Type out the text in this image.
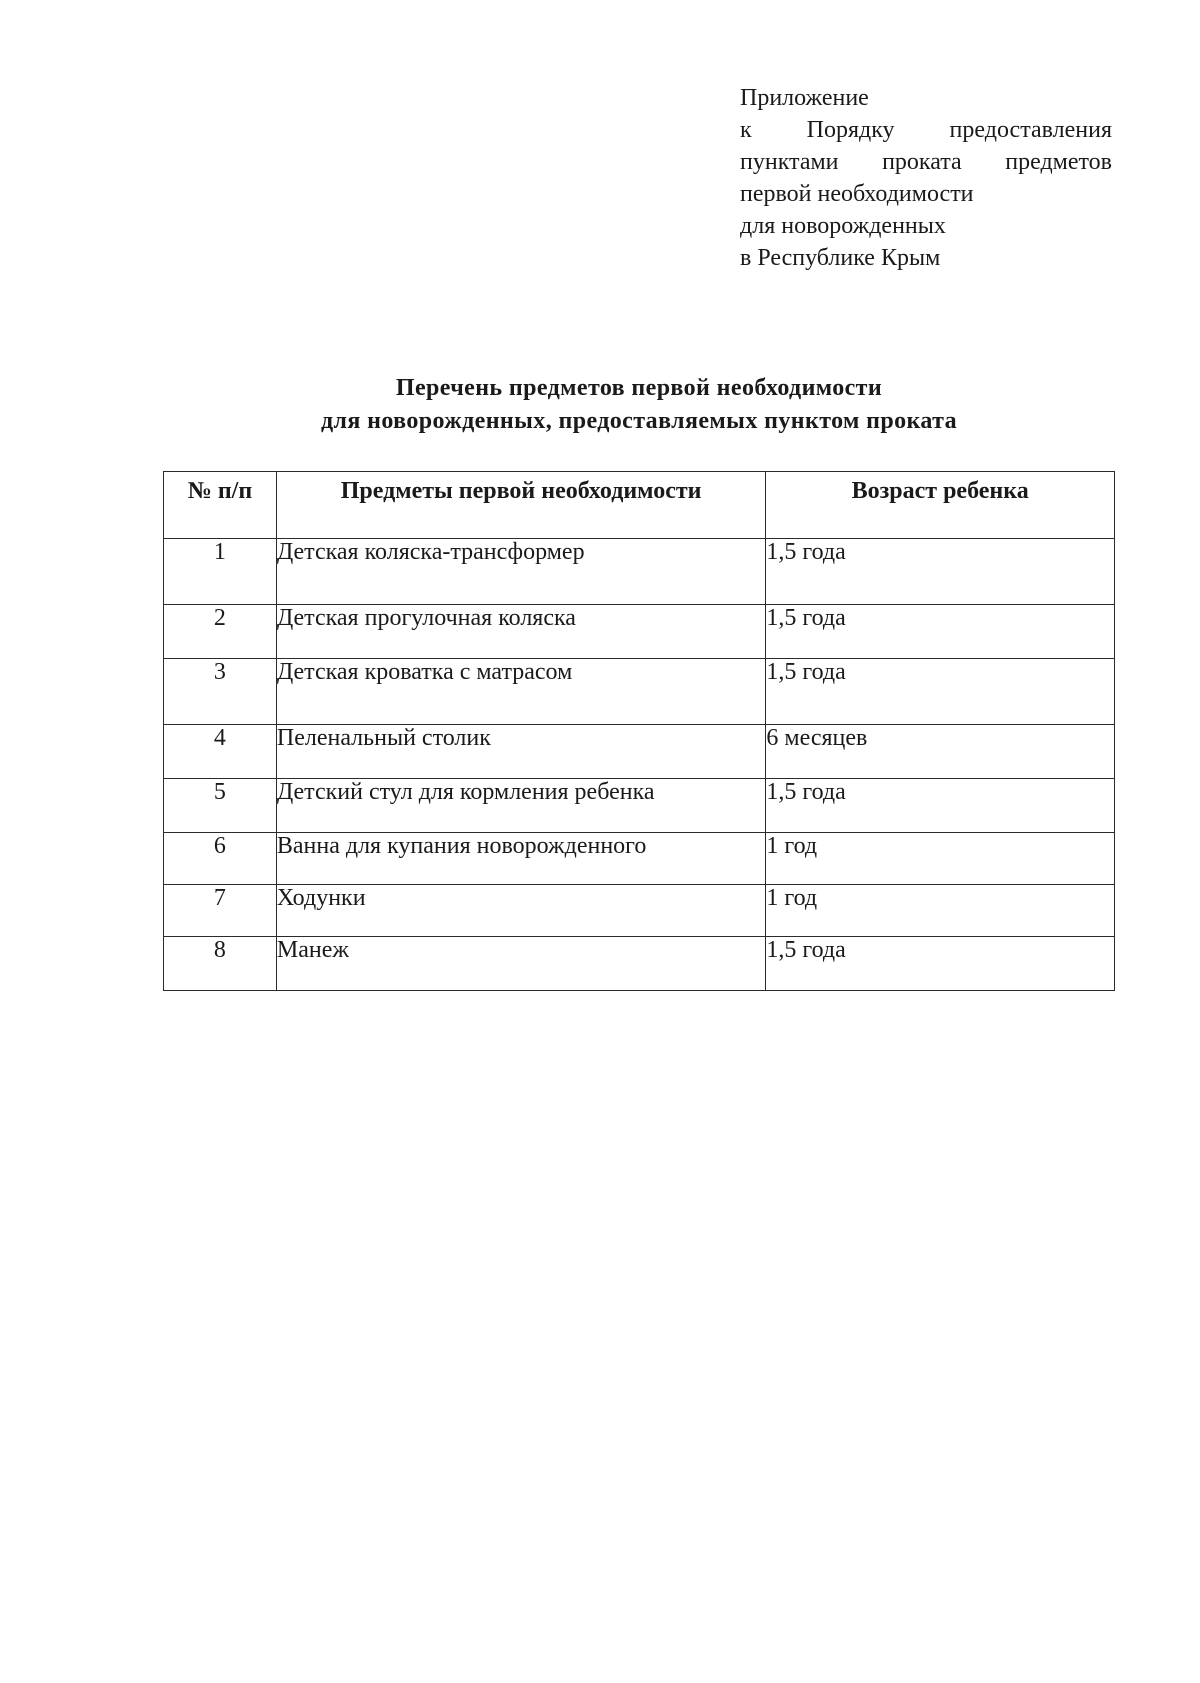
Приложение
к Порядку предоставления
пунктами проката предметов
первой необходимости
для новорожденных
в Республике Крым
Перечень предметов первой необходимости
для новорожденных, предоставляемых пунктом проката
№ п/п	Предметы первой необходимости	Возраст ребенка
1	Детская коляска-трансформер	1,5 года
2	Детская прогулочная коляска	1,5 года
3	Детская кроватка с матрасом	1,5 года
4	Пеленальный столик	6 месяцев
5	Детский стул для кормления ребенка	1,5 года
6	Ванна для купания новорожденного	1 год
7	Ходунки	1 год
8	Манеж	1,5 года
